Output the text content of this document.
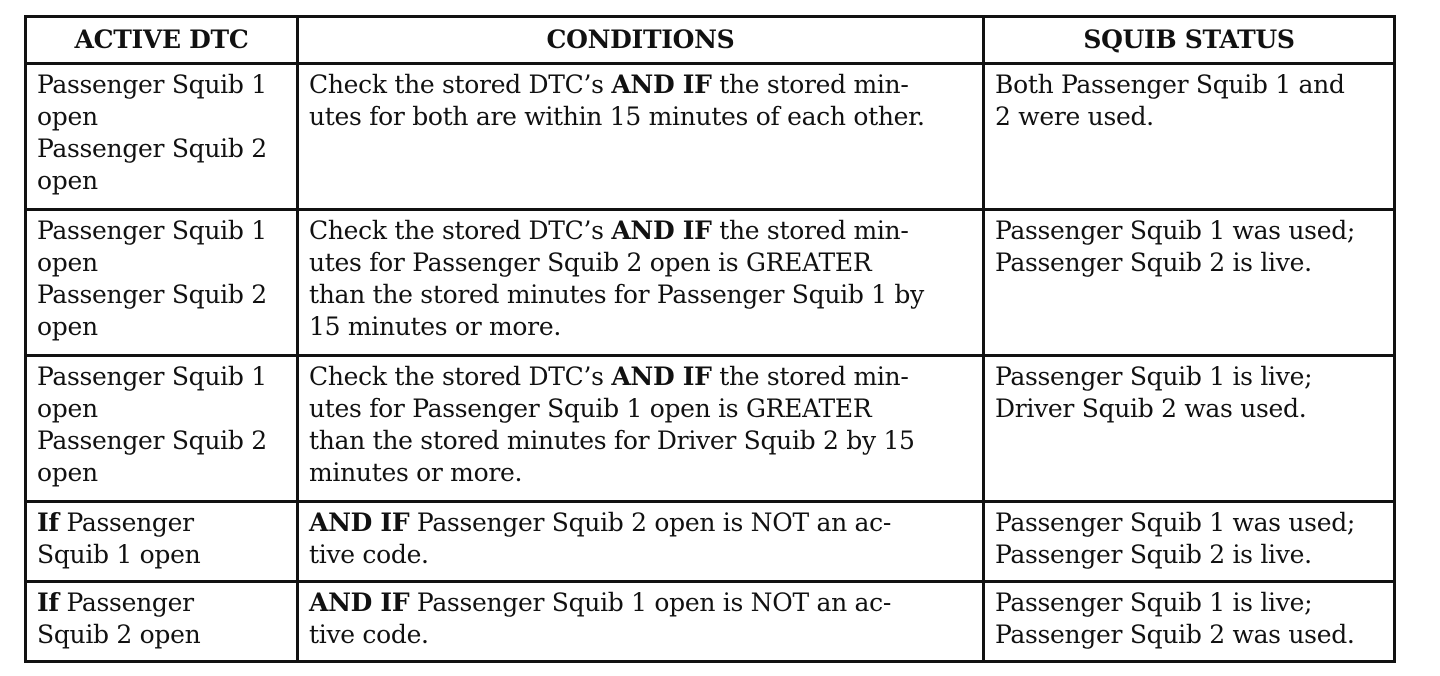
ACTIVE DTC	CONDITIONS	SQUIB STATUS

Passenger Squib 1
open
Passenger Squib 2
open	Check the stored DTC’s AND IF the stored min-
utes for both are within 15 minutes of each other.	Both Passenger Squib 1 and
2 were used.

Passenger Squib 1
open
Passenger Squib 2
open	Check the stored DTC’s AND IF the stored min-
utes for Passenger Squib 2 open is GREATER
than the stored minutes for Passenger Squib 1 by
15 minutes or more.	Passenger Squib 1 was used;
Passenger Squib 2 is live.

Passenger Squib 1
open
Passenger Squib 2
open	Check the stored DTC’s AND IF the stored min-
utes for Passenger Squib 1 open is GREATER
than the stored minutes for Driver Squib 2 by 15
minutes or more.	Passenger Squib 1 is live;
Driver Squib 2 was used.

If Passenger
Squib 1 open	AND IF Passenger Squib 2 open is NOT an ac-
tive code.	Passenger Squib 1 was used;
Passenger Squib 2 is live.

If Passenger
Squib 2 open	AND IF Passenger Squib 1 open is NOT an ac-
tive code.	Passenger Squib 1 is live;
Passenger Squib 2 was used.
